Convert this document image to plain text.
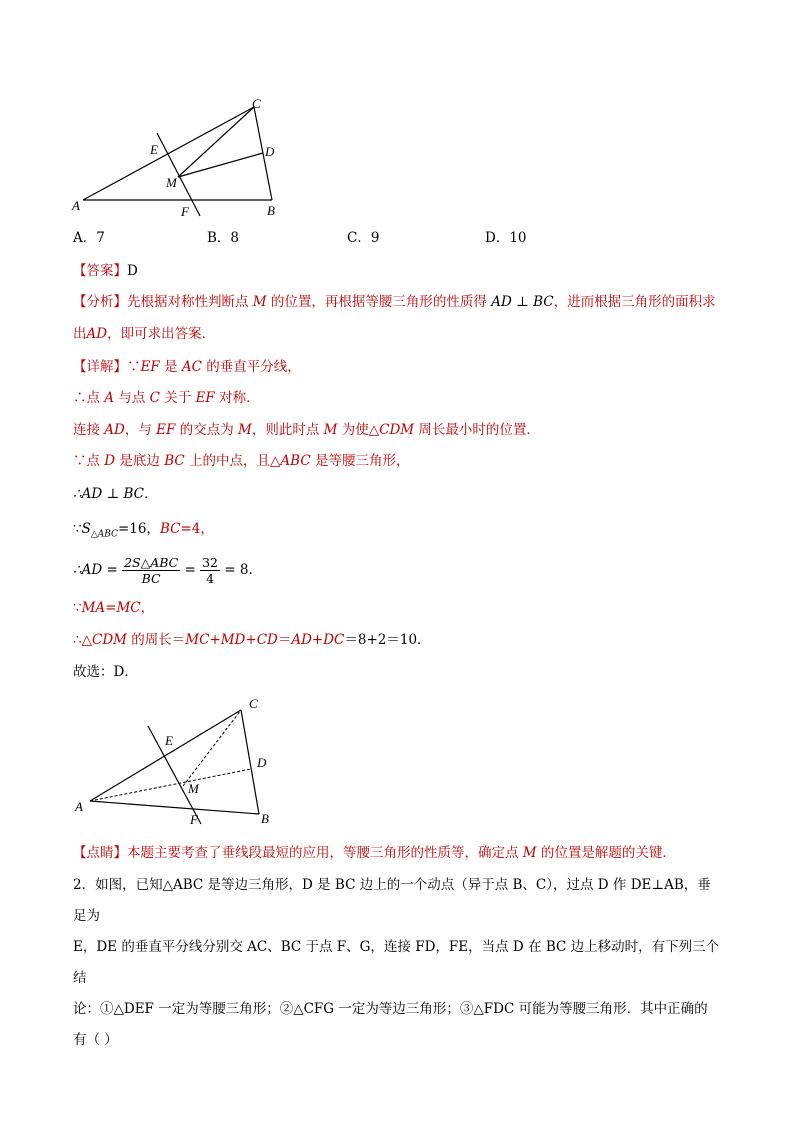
C
E	D
M
A	F	B
A．7	B．8	C．9	D．10
【答案】D
【分析】先根据对称性判断点 M 的位置，再根据等腰三角形的性质得 AD ⊥ BC，进而根据三角形的面积求
出AD，即可求出答案．
【详解】∵EF 是 AC 的垂直平分线，
∴点 A 与点 C 关于 EF 对称．
连接 AD，与 EF 的交点为 M，则此时点 M 为使△CDM 周长最小时的位置．
∵点 D 是底边 BC 上的中点，且△ABC 是等腰三角形，
∴AD ⊥ BC．
$\because S_{\triangle ABC}=16$，BC=4，
∴AD = $\frac{\text{2S△ABC}}{BC} = \frac{32}{4} = 8$．
∵MA=MC，
∴△CDM 的周长＝MC+MD+CD＝AD+DC＝8+2＝10．
故选：D．
C
E
D
M
A
F	B
【点睛】本题主要考查了垂线段最短的应用，等腰三角形的性质等，确定点 M 的位置是解题的关键．
2．如图，已知△ABC 是等边三角形，D 是 BC 边上的一个动点（异于点 B、C），过点 D 作 DE⊥AB，垂足为
E，DE 的垂直平分线分别交 AC、BC 于点 F、G，连接 FD，FE，当点 D 在 BC 边上移动时，有下列三个结
论：①△DEF 一定为等腰三角形；②△CFG 一定为等边三角形；③△FDC 可能为等腰三角形．其中正确的
有（ ）
